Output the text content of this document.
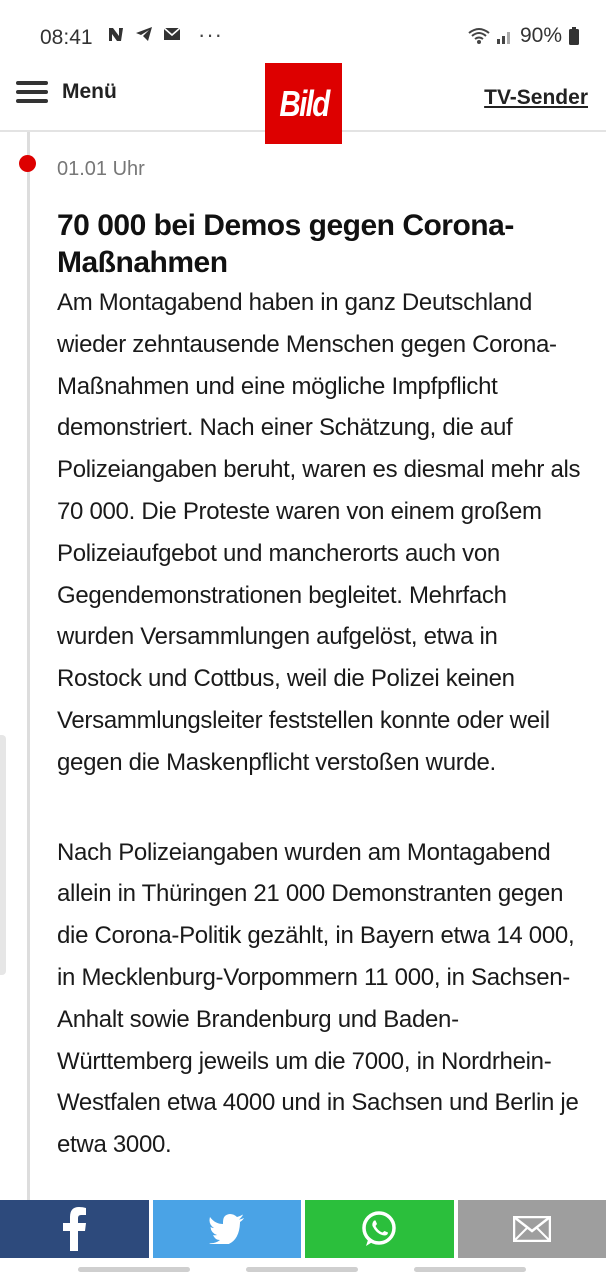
08:41	···	90%
Menü	Bild	TV-Sender
01.01 Uhr
70 000 bei Demos gegen Corona-Maßnahmen

Am Montagabend haben in ganz Deutschland wieder zehntausende Menschen gegen Corona-Maßnahmen und eine mögliche Impfpflicht demonstriert. Nach einer Schätzung, die auf Polizeiangaben beruht, waren es diesmal mehr als 70 000. Die Proteste waren von einem großem Polizeiaufgebot und mancherorts auch von Gegendemonstrationen begleitet. Mehrfach wurden Versammlungen aufgelöst, etwa in Rostock und Cottbus, weil die Polizei keinen Versammlungsleiter feststellen konnte oder weil gegen die Maskenpflicht verstoßen wurde.

Nach Polizeiangaben wurden am Montagabend allein in Thüringen 21 000 Demonstranten gegen die Corona-Politik gezählt, in Bayern etwa 14 000, in Mecklenburg-Vorpommern 11 000, in Sachsen-Anhalt sowie Brandenburg und Baden-Württemberg jeweils um die 7000, in Nordrhein-Westfalen etwa 4000 und in Sachsen und Berlin je etwa 3000.
